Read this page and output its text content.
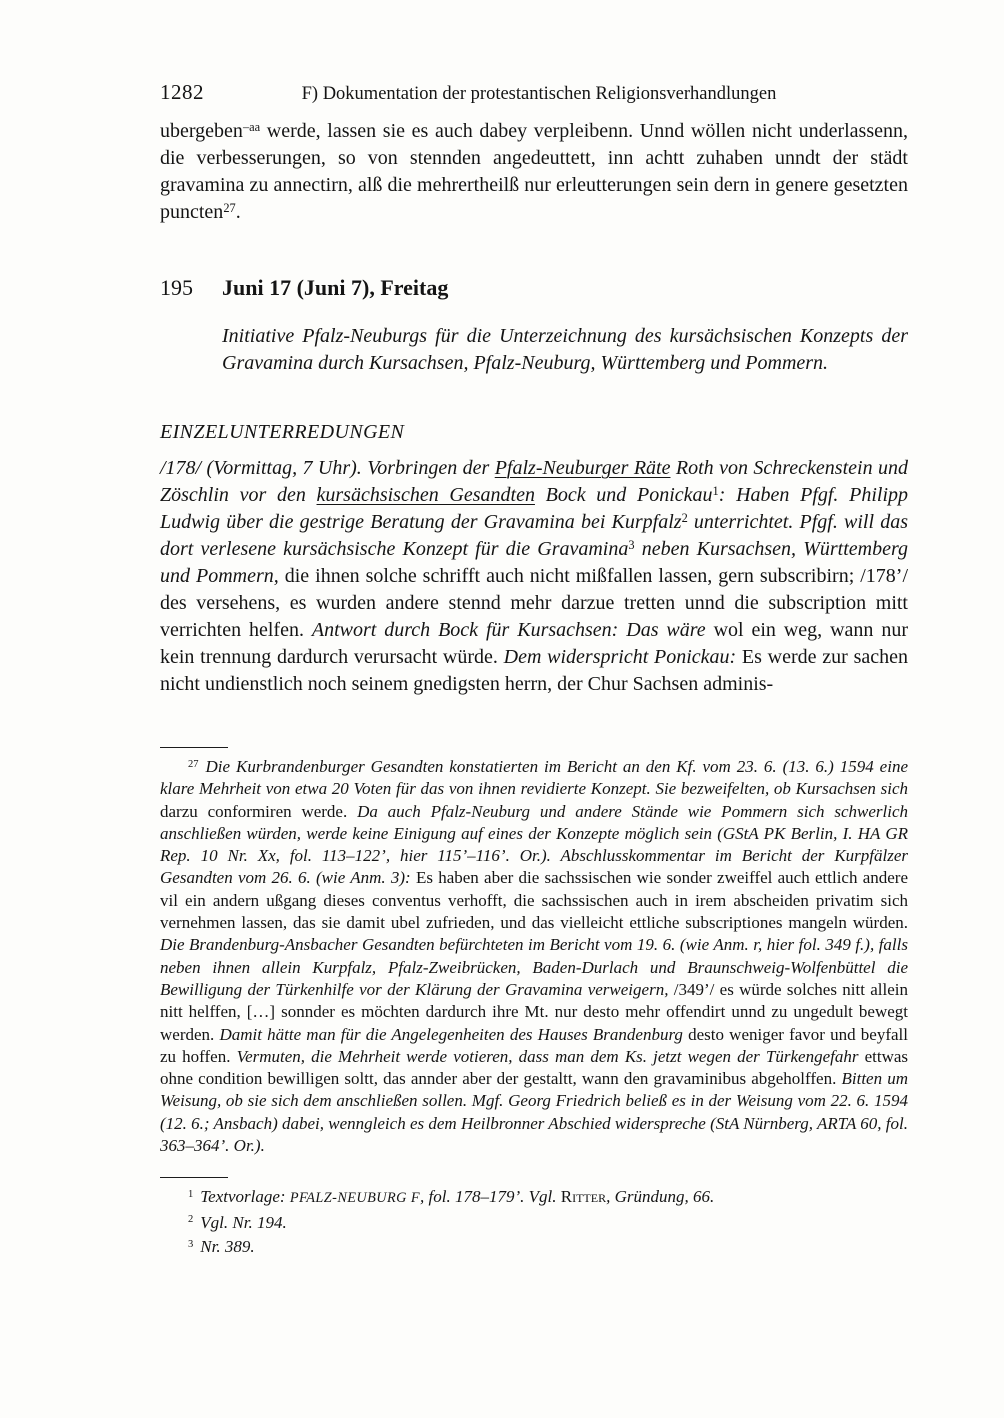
1282	F) Dokumentation der protestantischen Religionsverhandlungen

ubergeben$^{-aa}$ werde, lassen sie es auch dabey verpleibenn. Unnd wöllen nicht underlassenn, die verbesserungen, so von stennden angedeuttett, inn achtt zuhaben unndt der städt gravamina zu annectirn, alß die mehrertheilß nur erleutterungen sein dern in genere gesetzten puncten$^{27}$.

195	Juni 17 (Juni 7), Freitag

Initiative Pfalz-Neuburgs für die Unterzeichnung des kursächsischen Konzepts der Gravamina durch Kursachsen, Pfalz-Neuburg, Württemberg und Pommern.

EINZELUNTERREDUNGEN

/178/ (Vormittag, 7 Uhr). Vorbringen der Pfalz-Neuburger Räte Roth von Schreckenstein und Zöschlin vor den kursächsischen Gesandten Bock und Ponickau$^1$: Haben Pfgf. Philipp Ludwig über die gestrige Beratung der Gravamina bei Kurpfalz$^2$ unterrichtet. Pfgf. will das dort verlesene kursächsische Konzept für die Gravamina$^3$ neben Kursachsen, Württemberg und Pommern, die ihnen solche schrifft auch nicht mißfallen lassen, gern subscribirn; /178’/ des versehens, es wurden andere stennd mehr darzue tretten unnd die subscription mitt verrichten helfen. Antwort durch Bock für Kursachsen: Das wäre wol ein weg, wann nur kein trennung dardurch verursacht würde. Dem widerspricht Ponickau: Es werde zur sachen nicht undienstlich noch seinem gnedigsten herrn, der Chur Sachsen adminis-

$^{27}$ Die Kurbrandenburger Gesandten konstatierten im Bericht an den Kf. vom 23. 6. (13. 6.) 1594 eine klare Mehrheit von etwa 20 Voten für das von ihnen revidierte Konzept. Sie bezweifelten, ob Kursachsen sich darzu conformiren werde. Da auch Pfalz-Neuburg und andere Stände wie Pommern sich schwerlich anschließen würden, werde keine Einigung auf eines der Konzepte möglich sein (GStA PK Berlin, I. HA GR Rep. 10 Nr. Xx, fol. 113–122’, hier 115’–116’. Or.). Abschlusskommentar im Bericht der Kurpfälzer Gesandten vom 26. 6. (wie Anm. 3): Es haben aber die sachssischen wie sonder zweiffel auch ettlich andere vil ein andern ußgang dieses conventus verhofft, die sachssischen auch in irem abscheiden privatim sich vernehmen lassen, das sie damit ubel zufrieden, und das vielleicht ettliche subscriptiones mangeln würden. Die Brandenburg-Ansbacher Gesandten befürchteten im Bericht vom 19. 6. (wie Anm. r, hier fol. 349 f.), falls neben ihnen allein Kurpfalz, Pfalz-Zweibrücken, Baden-Durlach und Braunschweig-Wolfenbüttel die Bewilligung der Türkenhilfe vor der Klärung der Gravamina verweigern, /349’/ es würde solches nitt allein nitt helffen, […] sonnder es möchten dardurch ihre Mt. nur desto mehr offendirt unnd zu ungedult bewegt werden. Damit hätte man für die Angelegenheiten des Hauses Brandenburg desto weniger favor und beyfall zu hoffen. Vermuten, die Mehrheit werde votieren, dass man dem Ks. jetzt wegen der Türkengefahr ettwas ohne condition bewilligen soltt, das annder aber der gestaltt, wann den gravaminibus abgeholffen. Bitten um Weisung, ob sie sich dem anschließen sollen. Mgf. Georg Friedrich beließ es in der Weisung vom 22. 6. 1594 (12. 6.; Ansbach) dabei, wenngleich es dem Heilbronner Abschied widerspreche (StA Nürnberg, ARTA 60, fol. 363–364’. Or.).

$^1$ Textvorlage: PFALZ-NEUBURG F, fol. 178–179’. Vgl. Ritter, Gründung, 66.

$^2$ Vgl. Nr. 194.

$^3$ Nr. 389.
